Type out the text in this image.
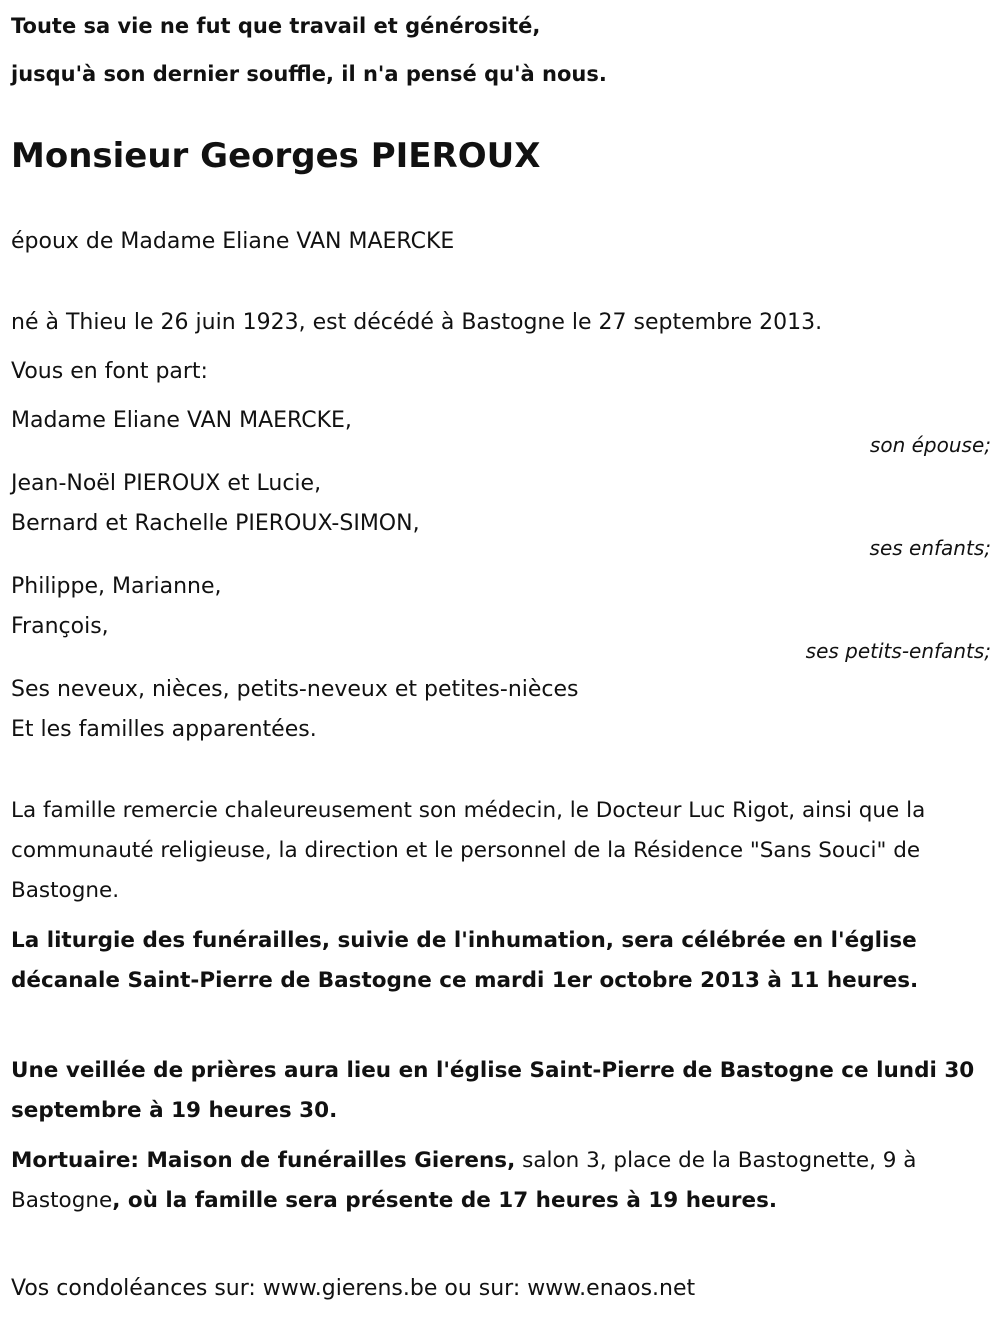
Toute sa vie ne fut que travail et générosité,
jusqu'à son dernier souffle, il n'a pensé qu'à nous.
Monsieur Georges PIEROUX
époux de Madame Eliane VAN MAERCKE
né à Thieu le 26 juin 1923, est décédé à Bastogne le 27 septembre 2013.
Vous en font part:
Madame Eliane VAN MAERCKE,
son épouse;
Jean-Noël PIEROUX et Lucie,
Bernard et Rachelle PIEROUX-SIMON,
ses enfants;
Philippe, Marianne,
François,
ses petits-enfants;
Ses neveux, nièces, petits-neveux et petites-nièces
Et les familles apparentées.
La famille remercie chaleureusement son médecin, le Docteur Luc Rigot, ainsi que la communauté religieuse, la direction et le personnel de la Résidence "Sans Souci" de Bastogne.
La liturgie des funérailles, suivie de l'inhumation, sera célébrée en l'église décanale Saint-Pierre de Bastogne ce mardi 1er octobre 2013 à 11 heures.
Une veillée de prières aura lieu en l'église Saint-Pierre de Bastogne ce lundi 30 septembre à 19 heures 30.
Mortuaire: Maison de funérailles Gierens, salon 3, place de la Bastognette, 9 à Bastogne, où la famille sera présente de 17 heures à 19 heures.
Vos condoléances sur: www.gierens.be ou sur: www.enaos.net
